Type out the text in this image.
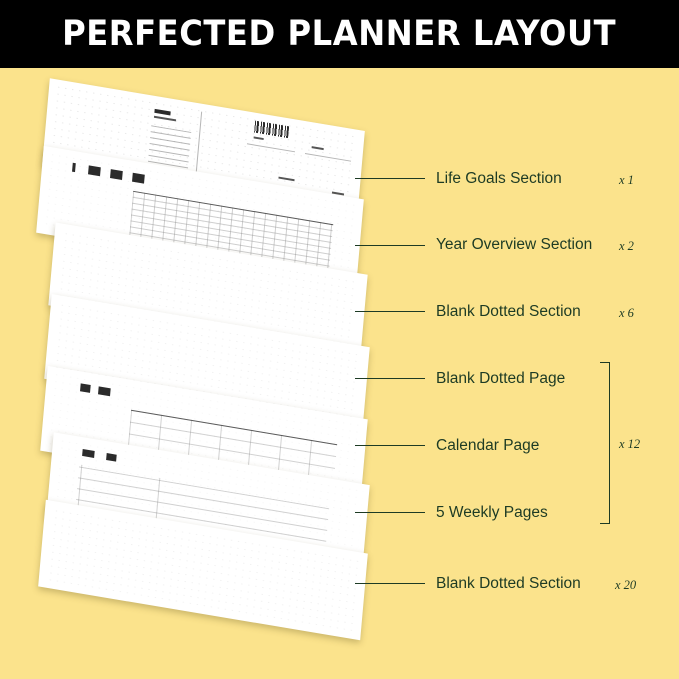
PERFECTED PLANNER LAYOUT
Life Goals Section	x 1
Year Overview Section x 2
Blank Dotted Section	x 6
Blank Dotted Page
Calendar Page
5 Weekly Pages
Blank Dotted Section	x 20
x 12
